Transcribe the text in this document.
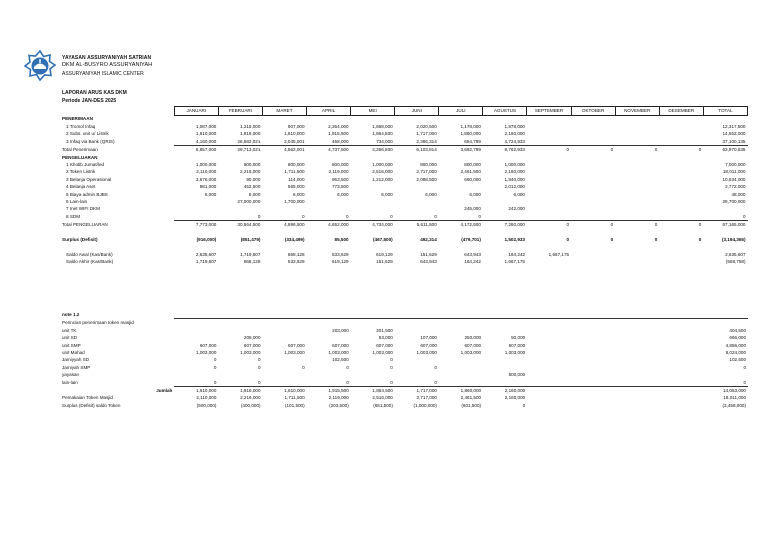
YAYASAN ASSURYANIYAH SATRIAN
DKM AL-BUSYRO ASSURYANIYAH
ASSURYANIYAH ISLAMIC CENTER
LAPORAN ARUS KAS DKM
Periode JAN-DES 2025
	JANUARI	FEBRUARI	MARET	APRIL	MEI	JUNI	JULI	AGUSTUS	SEPTEMBER	OKTOBER	NOVEMBER	DESEMBER	TOTAL
PENERIMAAN													
1 Tromol Infaq	1,087,000	1,215,000	907,000	2,364,000	1,668,000	2,020,500	1,178,000	1,878,000					12,317,500
2 Subs. unit u/ Listrik	1,610,000	1,816,000	1,610,000	1,915,500	1,864,500	1,717,000	1,860,000	2,160,000					14,553,000
3 Infaq via Bank (QRIS)	4,160,000	26,682,021	2,045,001	458,000	734,000	2,366,314	654,799	4,724,933					37,100,135
Total Penerimaan	6,857,000	29,713,021	4,562,001	4,737,500	4,266,500	6,103,814	3,692,799	8,762,933	0	0	0	0	63,970,635
PENGELUARAN													
1 Khotib Jumat/led	1,000,000	800,000	800,000	800,000	1,000,000	800,000	800,000	1,000,000					7,000,000
2 Token Listrik	2,110,000	2,216,000	1,711,500	2,119,000	2,516,000	2,717,000	2,461,500	2,160,000					18,011,000
3 Belanja Operasional	3,676,000	90,000	114,000	953,500	1,212,000	2,088,500	660,000	1,840,000					10,634,000
4 Belanja Aset	981,000	452,500	565,000	773,500				2,012,000					2,772,000
5 Biaya admin BJBS	6,000	6,000	6,000	6,000	6,000	6,000	6,000	6,000					48,000
6 Lain-lain		27,000,000	1,700,000										28,700,000
7 Inet WIFI DKM							245,000	242,000					
8 SDM		0	0	0	0	0	0						0
Total PENGELUARAN	7,773,000	30,564,500	4,896,500	4,652,000	4,734,000	5,611,500	4,172,500	7,260,000	0	0	0	0	67,165,000

Surplus (Defisit)	(916,000)	(851,479)	(334,499)	85,500	(467,500)	492,314	(479,701)	1,502,933	0	0	0	0	(3,194,365)

Saldo Awal (Kas/Bank)	2,635,607	1,719,607	868,128	533,629	619,129	151,629	643,943	164,242	1,667,175				2,635,607
Saldo Akhir (Kas/Bank)	1,719,607	868,128	533,629	619,129	151,629	643,943	164,242	1,667,175					(558,758)
note 1.2													
Perincian penerimaan token masjid													
unit TK				203,000	201,500								404,500
unit SD		208,000			53,000	107,000	250,000	50,000					666,000
unit SMP	607,000	607,000	607,000	607,000	607,000	607,000	607,000	607,000					4,856,000
unit Mahad	1,003,000	1,003,000	1,003,000	1,003,000	1,003,000	1,003,000	1,003,000	1,003,000					8,024,000
Jamiyyah SD	0	0		102,500	0								102,500
Jamiyah SMP	0	0	0	0	0	0							0
yayasan								500,000					
lain-lain	0	0		0	0	0							0
Jumlah	1,610,000	1,816,000	1,610,000	1,915,500	1,864,500	1,717,000	1,860,000	2,160,000					14,053,000
Pemakaian Token Masjid	2,110,000	2,216,000	1,711,500	2,119,000	2,516,000	2,717,000	2,461,500	2,160,000					18,011,000
Surplus (Defisit) saldo Token	(500,000)	(400,000)	(101,500)	(203,500)	(651,500)	(1,000,000)	(601,500)	0					(3,458,000)
